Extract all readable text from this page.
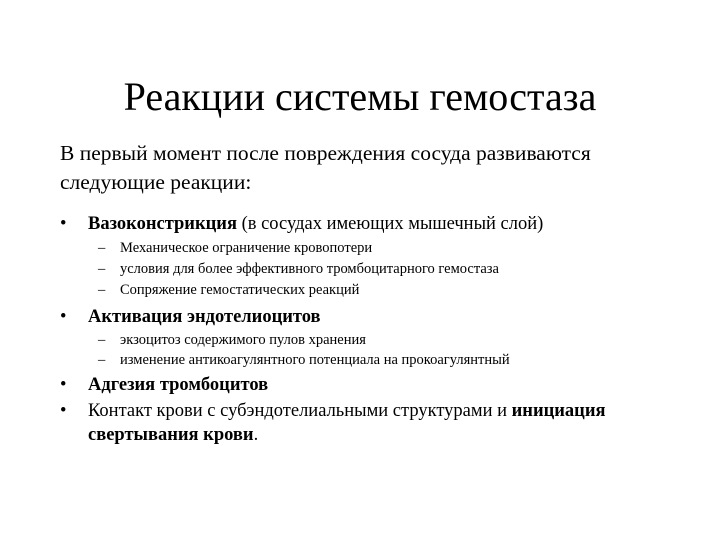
Реакции системы гемостаза
В первый момент после повреждения сосуда развиваются
следующие реакции:
•	Вазоконстрикция (в сосудах имеющих мышечный слой)
– Механическое ограничение кровопотери
– условия для более эффективного тромбоцитарного гемостаза
– Сопряжение гемостатических реакций
•	Активация эндотелиоцитов
– экзоцитоз содержимого пулов хранения
– изменение антикоагулянтного потенциала на прокоагулянтный
•	Адгезия тромбоцитов
•	Контакт крови с субэндотелиальными структурами и инициация
свертывания крови.
